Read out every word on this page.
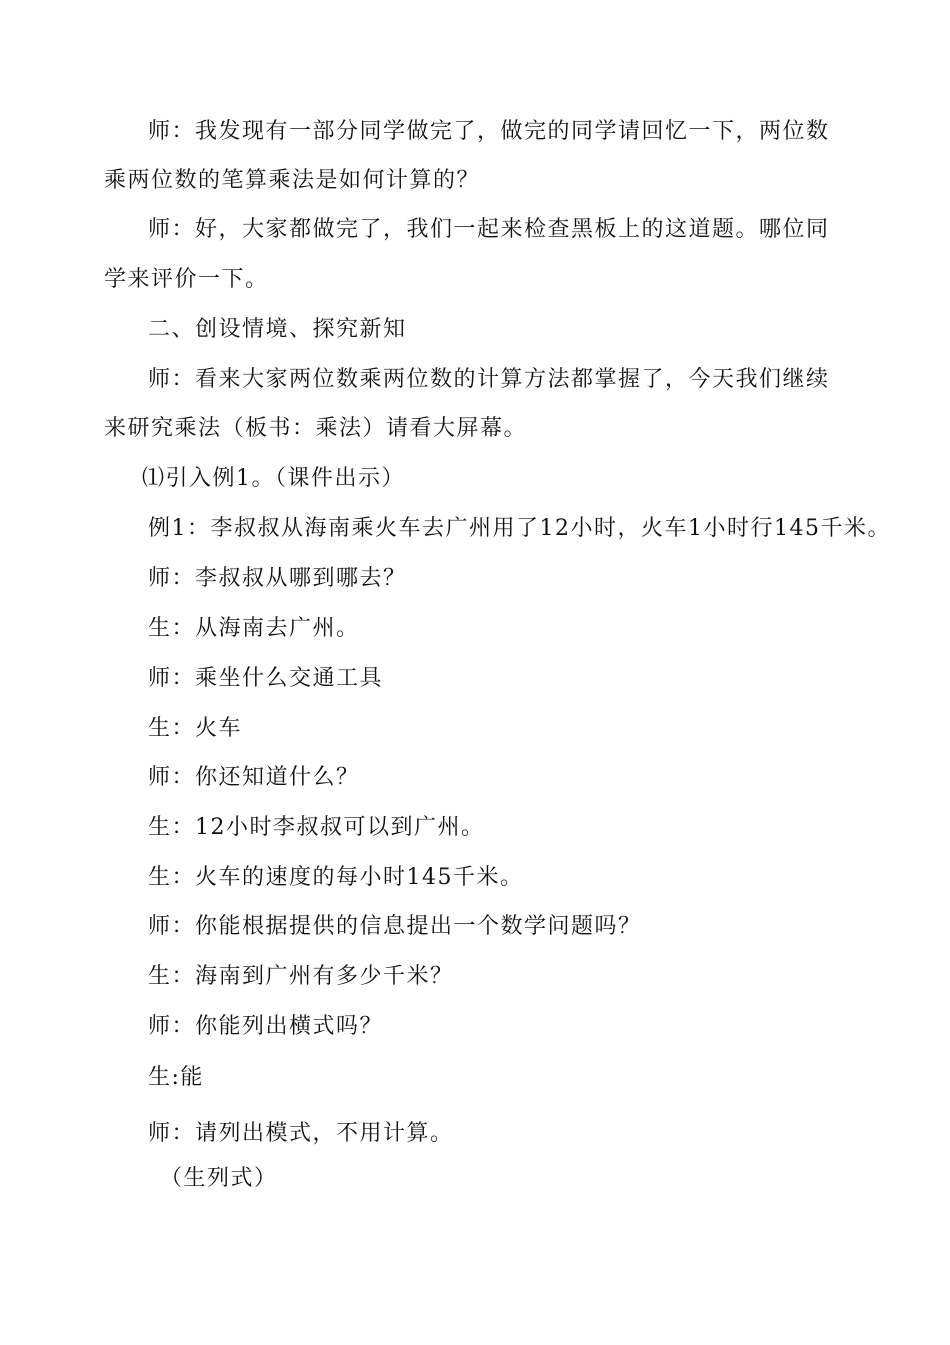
师：我发现有一部分同学做完了，做完的同学请回忆一下，两位数
乘两位数的笔算乘法是如何计算的？
师：好，大家都做完了，我们一起来检查黑板上的这道题。哪位同
学来评价一下。
二、创设情境、探究新知
师：看来大家两位数乘两位数的计算方法都掌握了，今天我们继续
来研究乘法（板书：乘法）请看大屏幕。
⑴引入例1。（课件出示）
例1：李叔叔从海南乘火车去广州用了12小时，火车1小时行145千米。
师：李叔叔从哪到哪去？
生：从海南去广州。
师：乘坐什么交通工具
生：火车
师：你还知道什么？
生：12小时李叔叔可以到广州。
生：火车的速度的每小时145千米。
师：你能根据提供的信息提出一个数学问题吗？
生：海南到广州有多少千米？
师：你能列出横式吗？
生:能
师：请列出模式，不用计算。
（生列式）
